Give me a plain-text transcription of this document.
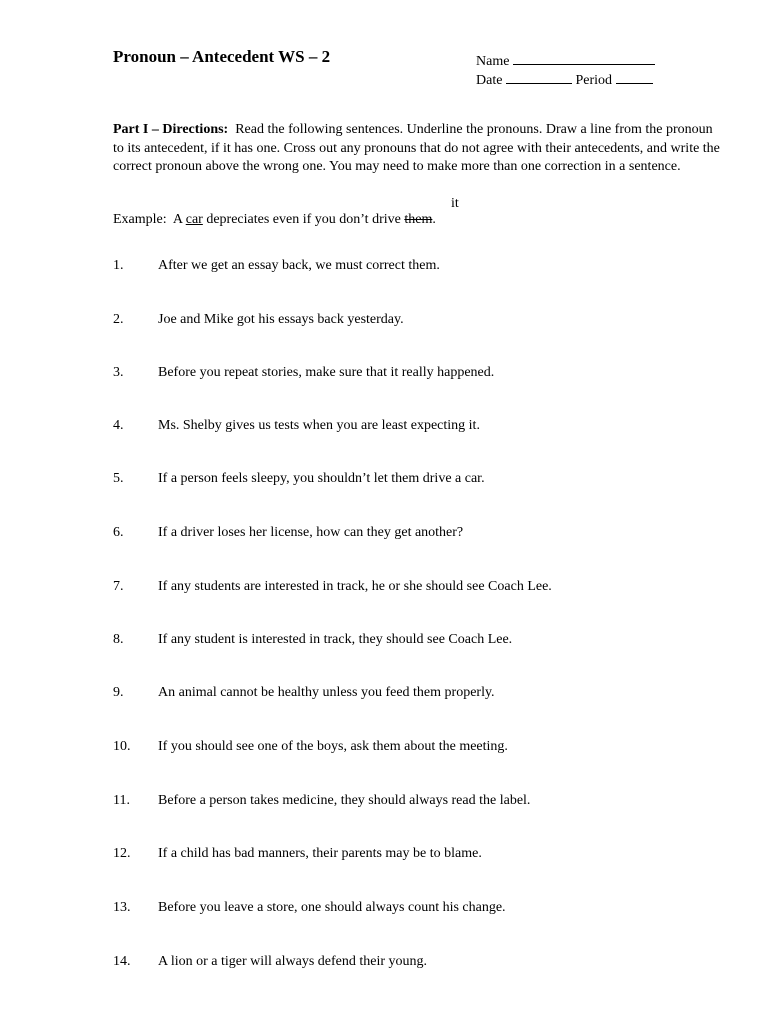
Pronoun – Antecedent WS – 2	Name
Date	Period
Part I – Directions: Read the following sentences. Underline the pronouns. Draw a line from the pronoun to its antecedent, if it has one. Cross out any pronouns that do not agree with their antecedents, and write the correct pronoun above the wrong one. You may need to make more than one correction in a sentence.
it
Example: A car depreciates even if you don’t drive them.
1. After we get an essay back, we must correct them.
2. Joe and Mike got his essays back yesterday.
3. Before you repeat stories, make sure that it really happened.
4. Ms. Shelby gives us tests when you are least expecting it.
5. If a person feels sleepy, you shouldn’t let them drive a car.
6. If a driver loses her license, how can they get another?
7. If any students are interested in track, he or she should see Coach Lee.
8. If any student is interested in track, they should see Coach Lee.
9. An animal cannot be healthy unless you feed them properly.
10. If you should see one of the boys, ask them about the meeting.
11. Before a person takes medicine, they should always read the label.
12. If a child has bad manners, their parents may be to blame.
13. Before you leave a store, one should always count his change.
14. A lion or a tiger will always defend their young.
